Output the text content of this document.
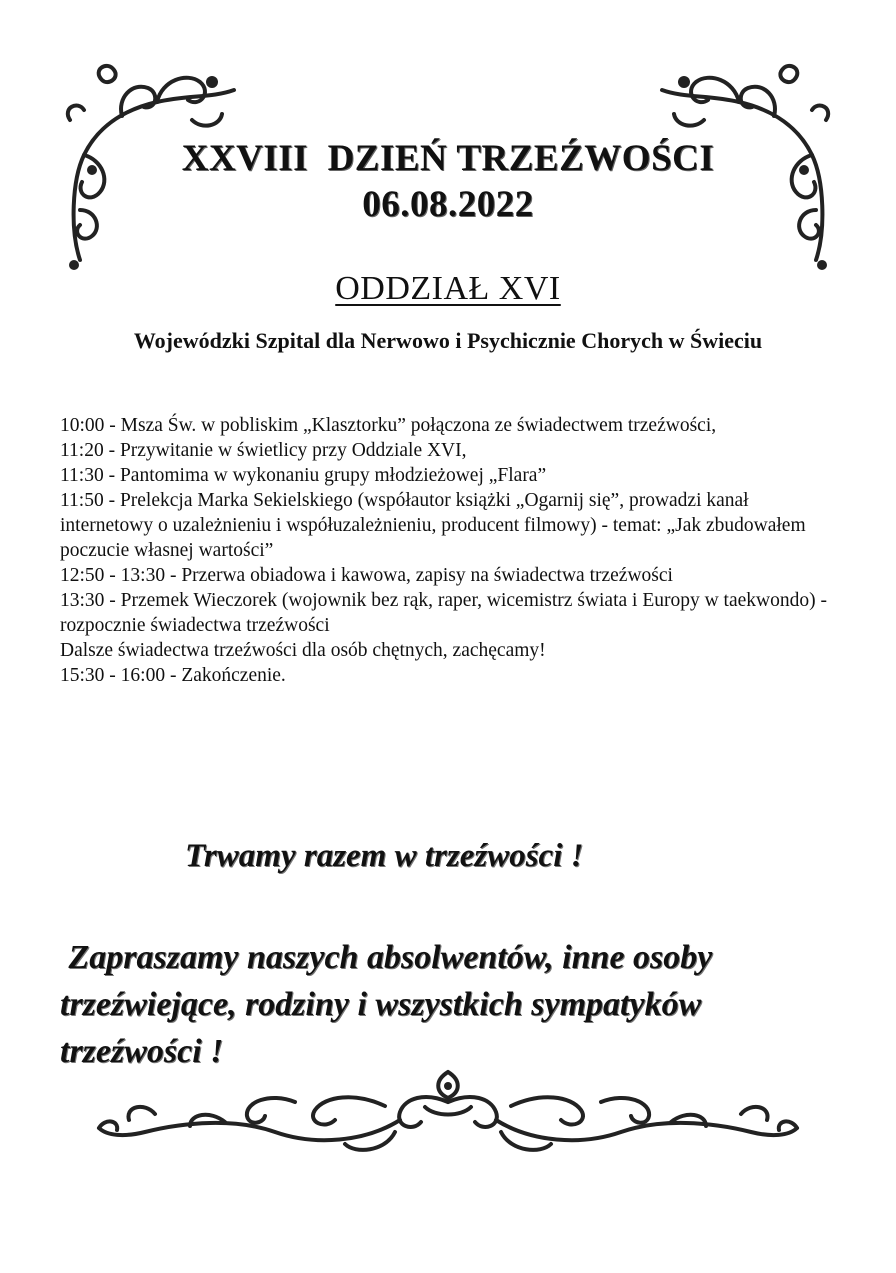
XXVIII  DZIEŃ TRZEŹWOŚCI
06.08.2022
ODDZIAŁ XVI
Wojewódzki Szpital dla Nerwowo i Psychicznie Chorych w Świeciu
10:00 - Msza Św. w pobliskim „Klasztorku” połączona ze świadectwem trzeźwości,
11:20 - Przywitanie w świetlicy przy Oddziale XVI,
11:30 - Pantomima w wykonaniu grupy młodzieżowej „Flara”
11:50 - Prelekcja Marka Sekielskiego (współautor książki „Ogarnij się”, prowadzi kanał internetowy o uzależnieniu i współuzależnieniu, producent filmowy) - temat: „Jak zbudowałem poczucie własnej wartości”
12:50 - 13:30 - Przerwa obiadowa i kawowa, zapisy na świadectwa trzeźwości
13:30 - Przemek Wieczorek (wojownik bez rąk, raper, wicemistrz świata i Europy w taekwondo) - rozpocznie świadectwa trzeźwości
Dalsze świadectwa trzeźwości dla osób chętnych, zachęcamy!
15:30 - 16:00 - Zakończenie.
Trwamy razem w trzeźwości !
Zapraszamy naszych absolwentów, inne osoby
trzeźwiejące, rodziny i wszystkich sympatyków
trzeźwości !
